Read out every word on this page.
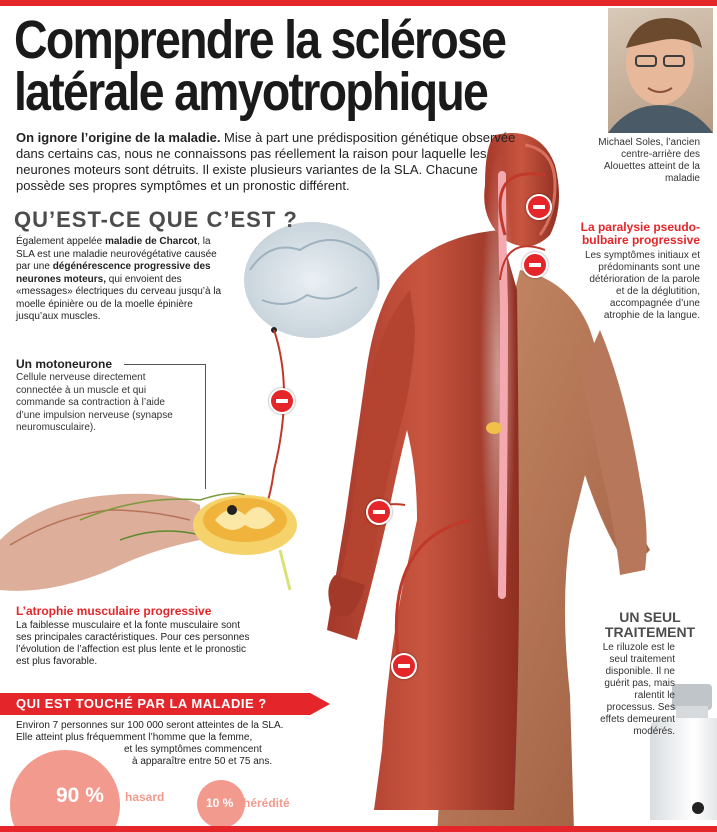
Comprendre la sclérose
latérale amyotrophique
On ignore l’origine de la maladie. Mise à part une prédisposition génétique observée dans certains cas, nous ne connaissons pas réellement la raison pour laquelle les neurones moteurs sont détruits. Il existe plusieurs variantes de la SLA. Chacune possède ses propres symptômes et un pronostic différent.
Michael Soles, l’ancien centre-arrière des Alouettes atteint de la maladie
QU’EST-CE QUE C’EST ?
Également appelée maladie de Charcot, la SLA est une maladie neurovégétative causée par une dégénérescence progressive des neurones moteurs, qui envoient des «messages» électriques du cerveau jusqu’à la moelle épinière ou de la moelle épinière jusqu’aux muscles.
Un motoneurone
Cellule nerveuse directement connectée à un muscle et qui commande sa contraction à l’aide d’une impulsion nerveuse (synapse neuromusculaire).
L’atrophie musculaire progressive
La faiblesse musculaire et la fonte musculaire sont ses principales caractéristiques. Pour ces personnes l’évolution de l’affection est plus lente et le pronostic est plus favorable.
La paralysie pseudo-bulbaire progressive
Les symptômes initiaux et prédominants sont une détérioration de la parole et de la déglutition, accompagnée d’une atrophie de la langue.
UN SEUL TRAITEMENT
Le riluzole est le seul traitement disponible. Il ne guérit pas, mais ralentit le processus. Ses effets demeurent modérés.
QUI EST TOUCHÉ PAR LA MALADIE ?
Environ 7 personnes sur 100 000 seront atteintes de la SLA.
Elle atteint plus fréquemment l’homme que la femme,
et les symptômes commencent
à apparaître entre 50 et 75 ans.
90 % hasard	10 % hérédité
